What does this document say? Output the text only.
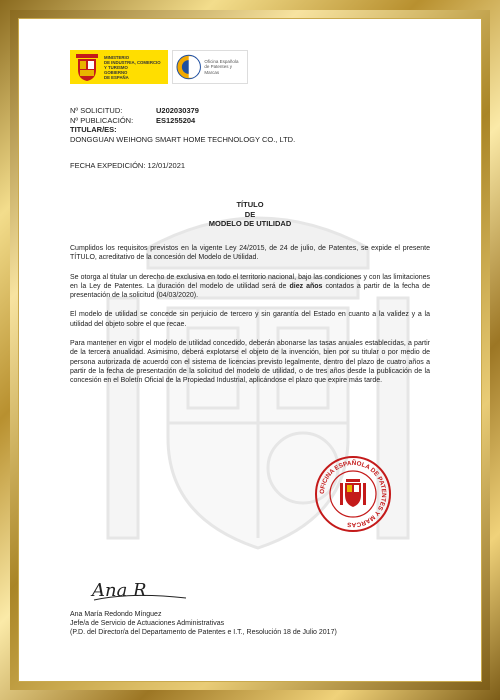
MINISTERIO
DE INDUSTRIA, COMERCIO
Y TURISMO
GOBIERNO
DE ESPAÑA
Oficina Española
de Patentes y Marcas
Nº SOLICITUD:	U202030379
Nº PUBLICACIÓN:	ES1255204
TITULAR/ES:
DONGGUAN WEIHONG SMART HOME TECHNOLOGY CO., LTD.
FECHA EXPEDICIÓN: 12/01/2021
TÍTULO
DE
MODELO DE UTILIDAD

Cumplidos los requisitos previstos en la vigente Ley 24/2015, de 24 de julio, de Patentes, se expide el presente TÍTULO, acreditativo de la concesión del Modelo de Utilidad.

Se otorga al titular un derecho de exclusiva en todo el territorio nacional, bajo las condiciones y con las limitaciones en la Ley de Patentes. La duración del modelo de utilidad será de diez años contados a partir de la fecha de presentación de la solicitud (04/03/2020).

El modelo de utilidad se concede sin perjuicio de tercero y sin garantía del Estado en cuanto a la validez y a la utilidad del objeto sobre el que recae.

Para mantener en vigor el modelo de utilidad concedido, deberán abonarse las tasas anuales establecidas, a partir de la tercera anualidad. Asimismo, deberá explotarse el objeto de la invención, bien por su titular o por medio de persona autorizada de acuerdo con el sistema de licencias previsto legalmente, dentro del plazo de cuatro años a partir de la fecha de presentación de la solicitud del modelo de utilidad, o de tres años desde la publicación de la concesión en el Boletín Oficial de la Propiedad Industrial, aplicándose el plazo que expire más tarde.

OFICINA ESPAÑOLA DE PATENTES Y MARCAS
Ana R
Ana María Redondo Mínguez
Jefe/a de Servicio de Actuaciones Administrativas
(P.D. del Director/a del Departamento de Patentes e I.T., Resolución 18 de Julio 2017)
